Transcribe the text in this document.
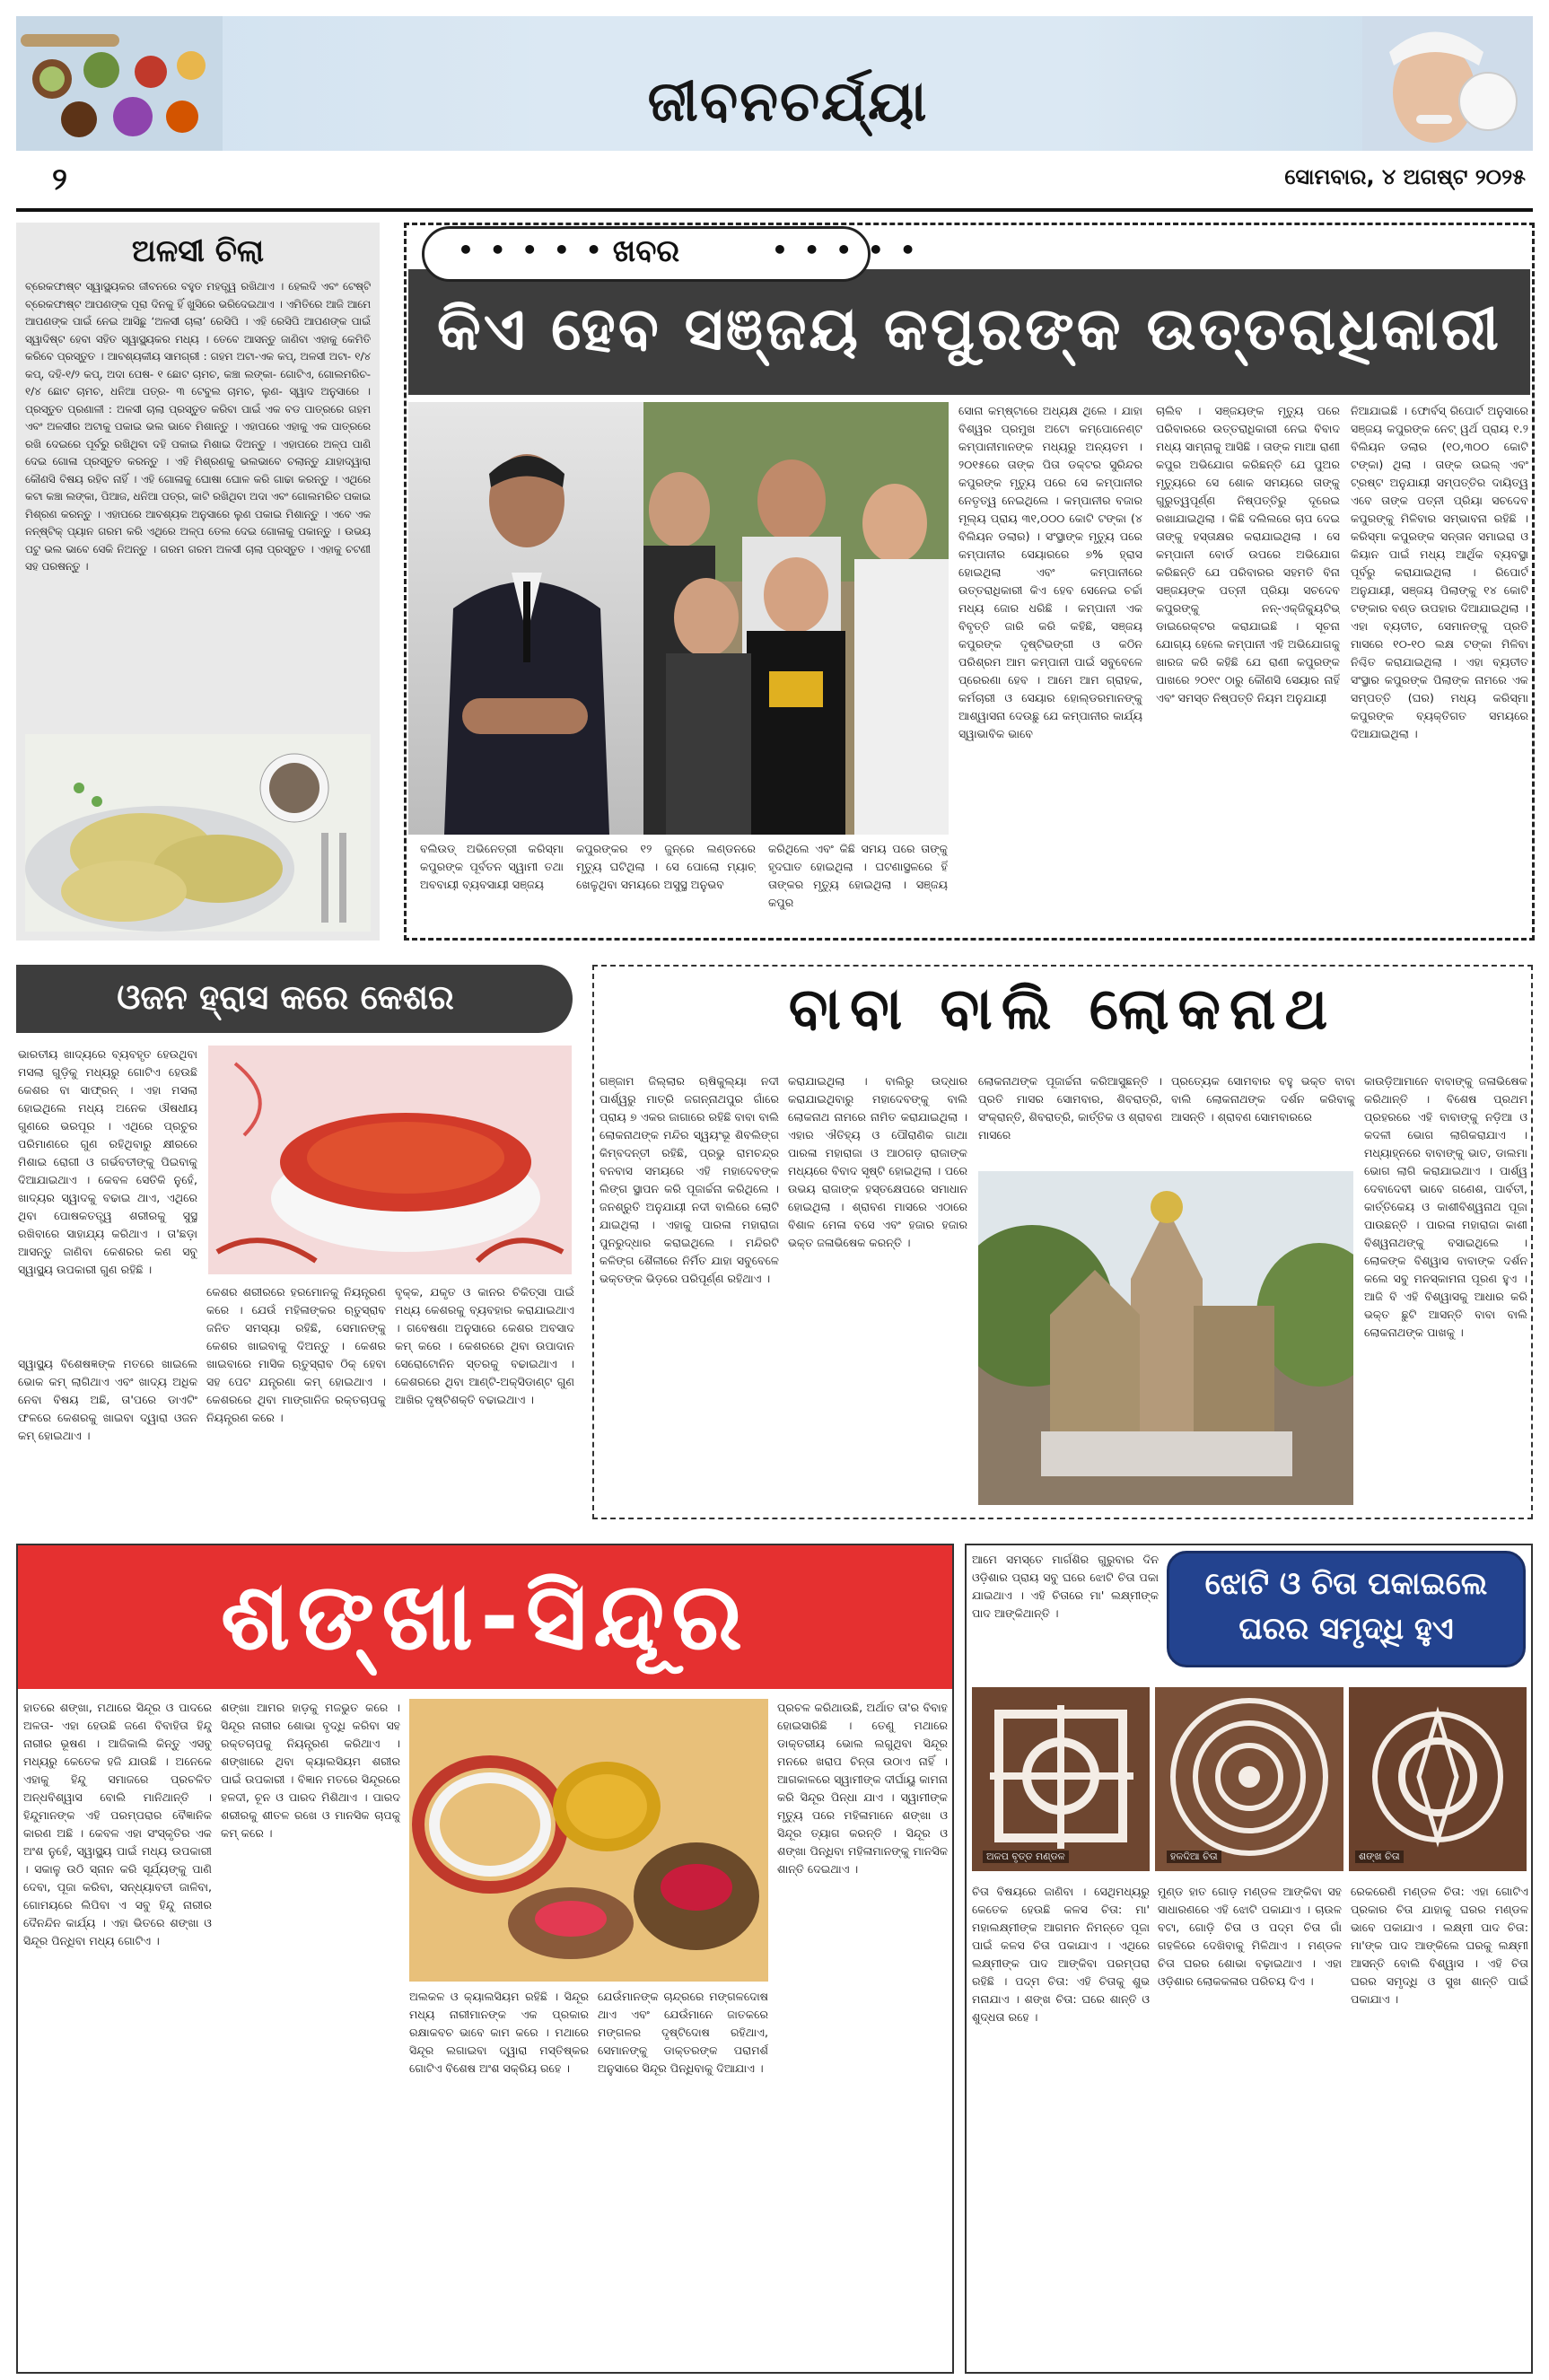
ଜୀବନଚର୍ଯ୍ୟା
୨	ସୋମବାର, ୪ ଅଗଷ୍ଟ ୨୦୨୫
ଅଳସୀ ଚିଲା

ବ୍ରେକଫାଷ୍ଟ ସ୍ୱାସ୍ଥ୍ୟକର ଜୀବନରେ ବହୁତ ମହତ୍ତ୍ୱ ରଖିଥାଏ । ହେଲଦି ଏବଂ ଟେଷ୍ଟି ବ୍ରେକଫାଷ୍ଟ ଆପଣଙ୍କ ପୂରା ଦିନକୁ ହିଁ ଖୁସିରେ ଭରିଦେଇଥାଏ । ଏମିତିରେ ଆଜି ଆମେ ଆପଣଙ୍କ ପାଇଁ ନେଇ ଆସିଛୁ ‘ଅଳସୀ ଚାଲା’ ରେସିପି । ଏହି ରେସିପି ଆପଣଙ୍କ ପାଇଁ ସ୍ୱାଦିଷ୍ଟ ହେବା ସହିତ ସ୍ୱାସ୍ଥ୍ୟକର ମଧ୍ୟ । ତେବେ ଆସନ୍ତୁ ଜାଣିବା ଏହାକୁ କେମିତି କରିବେ ପ୍ରସ୍ତୁତ । ଆବଶ୍ୟକୀୟ ସାମଗ୍ରୀ : ଗହମ ଅଟା-ଏକ କପ୍‌, ଅଳସୀ ଅଟା- ୧/୪ କପ୍‌, ଦହି-୧/୨ କପ୍‌, ଅଦା ପେଷ- ୧ ଛୋଟ ଚାମଚ, କଞ୍ଚା ଲଙ୍କା- ଗୋଟିଏ, ଗୋଲମରିଚ- ୧/୪ ଛୋଟ ଚାମଚ, ଧନିଆ ପତ୍ର- ୩ ଟେବୁଲ ଚାମଚ, ଲୁଣ- ସ୍ୱାଦ ଅନୁସାରେ । ପ୍ରସ୍ତୁତ ପ୍ରଣାଳୀ : ଅଳସୀ ଚାଲା ପ୍ରସ୍ତୁତ କରିବା ପାଇଁ ଏକ ବଡ ପାତ୍ରରେ ଗହମ ଏବଂ ଅଳସୀର ଅଟାକୁ ପକାଇ ଭଲ ଭାବେ ମିଶାନ୍ତୁ । ଏହାପରେ ଏହାକୁ ଏକ ପାତ୍ରରେ ରଖି ଦେଇରେ ପୂର୍ବରୁ ରଖିଥିବା ଦହି ପକାଇ ମିଶାଇ ଦିଅନ୍ତୁ । ଏହାପରେ ଅଳ୍ପ ପାଣି ଦେଇ ଗୋଳା ପ୍ରସ୍ତୁତ କରନ୍ତୁ । ଏହି ମିଶ୍ରଣକୁ ଭଲଭାବେ ଚଲାନ୍ତୁ ଯାହାଦ୍ୱାରା କୌଣସି ବିଷୟ ରହିବ ନାହିଁ । ଏହି ଗୋଳାକୁ ଘୋଷା ଘୋଳ କରି ଗାଢା କରନ୍ତୁ । ଏଥିରେ କଟା କଞ୍ଚା ଲଙ୍କା, ପିଆଜ, ଧନିଆ ପତ୍ର, କାଟି ରଖିଥିବା ଅଦା ଏବଂ ଗୋଲମରିଚ ପକାଇ ମିଶ୍ରଣ କରନ୍ତୁ । ଏହାପରେ ଆବଶ୍ୟକ ଅନୁସାରେ ଲୁଣ ପକାଇ ମିଶାନ୍ତୁ । ଏବେ ଏକ ନନ୍‌ଷ୍ଟିକ୍‌ ପ୍ୟାନ ଗରମ କରି ଏଥିରେ ଅଳ୍ପ ତେଲ ଦେଇ ଗୋଳାକୁ ପକାନ୍ତୁ । ଉଭୟ ପଟୁ ଭଲ ଭାବେ ସେକି ନିଅନ୍ତୁ । ଗରମ ଗରମ ଅଳସୀ ଚାଲା ପ୍ରସ୍ତୁତ । ଏହାକୁ ଚଟଣୀ ସହ ପରଷନ୍ତୁ ।

• • • • • ଖବର	• • • • •
କିଏ ହେବ ସଞ୍ଜୟ କପୁରଙ୍କ ଉତ୍ତରାଧିକାରୀ

ବଲିଉଡ୍‌ ଅଭିନେତ୍ରୀ କରିସ୍ମା କପୁରଙ୍କ ପୂର୍ବତନ ସ୍ୱାମୀ ତଥା ଅବବାୟୀ ବ୍ୟବସାୟୀ ସଞ୍ଜୟ

କପୁରଙ୍କର ୧୨ ଜୁନ୍‌ରେ ଲଣ୍ଡନରେ ମୃତ୍ୟୁ ଘଟିଥିଲା । ସେ ପୋଲୋ ମ୍ୟାଚ୍‌ ଖେଳୁଥିବା ସମୟରେ ଅସୁସ୍ଥ ଅନୁଭବ

କରିଥିଲେ ଏବଂ କିଛି ସମୟ ପରେ ତାଙ୍କୁ ହୃଦଘାତ ହୋଇଥିଲା । ଘଟଣାସ୍ଥଳରେ ହିଁ ତାଙ୍କର ମୃତ୍ୟୁ ହୋଇଥିଲା । ସଞ୍ଜୟ କପୁର

ସୋନା କମ୍‌ଷ୍ଟାରେ ଅଧ୍ୟକ୍ଷ ଥିଲେ । ଯାହା ବିଶ୍ୱର ପ୍ରମୁଖ ଅଟୋ କମ୍ପୋନେଣ୍ଟ କମ୍ପାନୀମାନଙ୍କ ମଧ୍ୟରୁ ଅନ୍ୟତମ । ୨୦୧୫ରେ ତାଙ୍କ ପିତା ଡକ୍ଟର ସୁରିନ୍ଦର କପୁରଙ୍କ ମୃତ୍ୟୁ ପରେ ସେ କମ୍ପାନୀର ନେତୃତ୍ୱ ନେଇଥିଲେ । କମ୍ପାନୀର ବଜାର ମୂଲ୍ୟ ପ୍ରାୟ ୩୧,୦୦୦ କୋଟି ଟଙ୍କା (୪ ବିଲିୟନ ଡଲାର) । ସଂସ୍ଥାଙ୍କ ମୃତ୍ୟୁ ପରେ କମ୍ପାନୀର ସେୟାରରେ ୭% ହ୍ରାସ ହୋଇଥିଲା ଏବଂ କମ୍ପାନୀରେ ଉତ୍ତରାଧିକାରୀ କିଏ ହେବ ସେନେଇ ଚର୍ଚ୍ଚା ମଧ୍ୟ ଜୋର ଧରିଛି । କମ୍ପାନୀ ଏକ ବିବୃତ୍ତି ଜାରି କରି କହିଛି, ସଞ୍ଜୟ କପୁରଙ୍କ ଦୃଷ୍ଟିଭଙ୍ଗୀ ଓ କଠିନ ପରିଶ୍ରମ ଆମ କମ୍ପାନୀ ପାଇଁ ସବୁବେଳେ ପ୍ରେରଣା ହେବ । ଆମେ ଆମ ଗ୍ରାହକ, କର୍ମଚାରୀ ଓ ସେୟାର ହୋଲ୍ଡରମାନଙ୍କୁ ଆଶ୍ୱାସନା ଦେଉଛୁ ଯେ କମ୍ପାନୀର କାର୍ଯ୍ୟ ସ୍ୱାଭାବିକ ଭାବେ

ଚାଲିବ । ସଞ୍ଜୟଙ୍କ ମୃତ୍ୟୁ ପରେ ପରିବାରରେ ଉତ୍ତରାଧିକାରୀ ନେଇ ବିବାଦ ମଧ୍ୟ ସାମ୍ନାକୁ ଆସିଛି । ତାଙ୍କ ମାଆ ରାଣୀ କପୁର ଅଭିଯୋଗ କରିଛନ୍ତି ଯେ ପୁଅର ମୃତ୍ୟୁରେ ସେ ଶୋକ ସମୟରେ ତାଙ୍କୁ ଗୁରୁତ୍ୱପୂର୍ଣ୍ଣ ନିଷ୍ପତ୍ତିରୁ ଦୂରେଇ ରଖାଯାଇଥିଲା । କିଛି ଦଲିଲରେ ଚାପ ଦେଇ ତାଙ୍କୁ ହସ୍ତାକ୍ଷର କରାଯାଇଥିଲା । ସେ କମ୍ପାନୀ ବୋର୍ଡ ଉପରେ ଅଭିଯୋଗ କରିଛନ୍ତି ଯେ ପରିବାରର ସହମତି ବିନା ସଞ୍ଜୟଙ୍କ ପତ୍ନୀ ପ୍ରିୟା ସଚଦେବ କପୁରଙ୍କୁ ନନ୍‌-ଏକ୍ଜିକ୍ୟୁଟିଭ୍‌ ଡାଇରେକ୍ଟର କରାଯାଇଛି । ସୂଚନା ଯୋଗ୍ୟ ହେଲେ କମ୍ପାନୀ ଏହି ଅଭିଯୋଗକୁ ଖାରଜ କରି କହିଛି ଯେ ରାଣୀ କପୁରଙ୍କ ପାଖରେ ୨୦୧୯ ଠାରୁ କୌଣସି ସେୟାର ନାହିଁ ଏବଂ ସମସ୍ତ ନିଷ୍ପତ୍ତି ନିୟମ ଅନୁଯାୟୀ

ନିଆଯାଇଛି । ଫୋର୍ବସ୍‌ ରିପୋର୍ଟ ଅନୁସାରେ ସଞ୍ଜୟ କପୁରଙ୍କ ନେଟ୍‌ ୱର୍ଥ ପ୍ରାୟ ୧.୨ ବିଲିୟନ ଡଲାର (୧୦,୩୦୦ କୋଟି ଟଙ୍କା) ଥିଲା । ତାଙ୍କ ଉଇଲ୍‌ ଏବଂ ଟ୍ରଷ୍ଟ ଅନୁଯାୟୀ ସମ୍ପତ୍ତିର ଦାୟିତ୍ୱ ଏବେ ତାଙ୍କ ପତ୍ନୀ ପ୍ରିୟା ସଚଦେବ କପୁରଙ୍କୁ ମିଳିବାର ସମ୍ଭାବନା ରହିଛି । କରିସ୍ମା କପୁରଙ୍କ ସନ୍ତାନ ସମାଇରା ଓ କିୟାନ ପାଇଁ ମଧ୍ୟ ଆର୍ଥିକ ବ୍ୟବସ୍ଥା ପୂର୍ବରୁ କରାଯାଇଥିଲା । ରିପୋର୍ଟ ଅନୁଯାୟୀ, ସଞ୍ଜୟ ପିଲାଙ୍କୁ ୧୪ କୋଟି ଟଙ୍କାର ବଣ୍ଡ ଉପହାର ଦିଆଯାଇଥିଲା । ଏହା ବ୍ୟତୀତ, ସେମାନଙ୍କୁ ପ୍ରତି ମାସରେ ୧୦-୧୦ ଲକ୍ଷ ଟଙ୍କା ମିଳିବା ନିଶ୍ଚିତ କରାଯାଇଥିଲା । ଏହା ବ୍ୟତୀତ ସଂସ୍ଥାର କପୁରଙ୍କ ପିଲାଙ୍କ ନାମରେ ଏକ ସମ୍ପତ୍ତି (ଘର) ମଧ୍ୟ କରିସ୍ମା କପୁରଙ୍କ ବ୍ୟକ୍ତିଗତ ସମୟରେ ଦିଆଯାଇଥିଲା ।

ଓଜନ ହ୍ରାସ କରେ କେଶର

ଭାରତୀୟ ଖାଦ୍ୟରେ ବ୍ୟବହୃତ ହେଉଥିବା ମସଲା ଗୁଡ଼ିକୁ ମଧ୍ୟରୁ ଗୋଟିଏ ହେଉଛି କେଶର ବା ସାଫ୍ରନ୍‌ । ଏହା ମସଲା ହୋଇଥିଲେ ମଧ୍ୟ ଅନେକ ଔଷଧୀୟ ଗୁଣରେ ଭରପୂର । ଏଥିରେ ପ୍ରଚୁର ପରିମାଣରେ ଗୁଣ ରହିଥିବାରୁ କ୍ଷୀରରେ ମିଶାଇ ରୋଗୀ ଓ ଗର୍ଭବତୀଙ୍କୁ ପିଇବାକୁ ଦିଆଯାଇଥାଏ । କେବଳ ସେତିକି ନୁହେଁ, ଖାଦ୍ୟର ସ୍ୱାଦକୁ ବଢାଇ ଥାଏ, ଏଥିରେ ଥିବା ପୋଷକତତ୍ତ୍ୱ ଶରୀରକୁ ସୁସ୍ଥ ରଖିବାରେ ସାହାଯ୍ୟ କରିଥାଏ । ତା'ଛଡ଼ା ଆସନ୍ତୁ ଜାଣିବା କେଶରର କଣ ସବୁ ସ୍ୱାସ୍ଥ୍ୟ ଉପକାରୀ ଗୁଣ ରହିଛି ।

ସ୍ୱାସ୍ଥ୍ୟ ବିଶେଷଜ୍ଞଙ୍କ ମତରେ ଖାଇଲେ ଭୋକ କମ୍‌ ଲାଗିଥାଏ ଏବଂ ଖାଦ୍ୟ ଅଧିକ ନେବା ବିଷୟ ଅଛି, ତା'ପରେ ଡାଏଟିଂ ଫଳରେ କେଶରକୁ ଖାଇବା ଦ୍ୱାରା ଓଜନ କମ୍‌ ହୋଇଥାଏ ।

କେଶର ଶରୀରରେ ହରମୋନକୁ ନିୟନ୍ତ୍ରଣ କରେ । ଯେଉଁ ମହିଳାଙ୍କର ଋତୁସ୍ରାବ ଜନିତ ସମସ୍ୟା ରହିଛି, ସେମାନଙ୍କୁ କେଶର ଖାଇବାକୁ ଦିଅନ୍ତୁ । କେଶର ଖାଇବାରେ ମାସିକ ଋତୁସ୍ରାବ ଠିକ୍‌ ହେବା ସହ ପେଟ ଯନ୍ତ୍ରଣା କମ୍‌ ହୋଇଥାଏ । କେଶରରେ ଥିବା ମାଙ୍ଗାନିଜ ରକ୍ତଚାପକୁ ନିୟନ୍ତ୍ରଣ କରେ ।

ବୃକ୍କ, ଯକୃତ ଓ କାନର ଚିକିତ୍ସା ପାଇଁ ମଧ୍ୟ କେଶରକୁ ବ୍ୟବହାର କରାଯାଇଥାଏ । ଗବେଷଣା ଅନୁସାରେ କେଶର ଅବସାଦ କମ୍‌ କରେ । କେଶରରେ ଥିବା ଉପାଦାନ ସେରୋଟୋନିନ ସ୍ତରକୁ ବଢାଇଥାଏ । କେଶରରେ ଥିବା ଆଣ୍ଟି-ଅକ୍ସିଡାଣ୍ଟ ଗୁଣ ଆଖିର ଦୃଷ୍ଟିଶକ୍ତି ବଢାଇଥାଏ ।

ବାବା ବାଲି ଲୋକନାଥ

ଗଞ୍ଜାମ ଜିଲ୍ଲାର ଋଷିକୁଲ୍ୟା ନଦୀ ପାର୍ଶ୍ୱରୁ ମାତ୍ରି ଜଗନ୍ନାଥପୁର ଗାଁରେ ପ୍ରାୟ ୭ ଏକର ଜାଗାରେ ରହିଛି ବାବା ବାଲି ଲୋକନାଥଙ୍କ ମନ୍ଦିର ସ୍ୱୟଂଭୂ ଶିବଲିଙ୍ଗ କିମ୍ବଦନ୍ତୀ ରହିଛି, ପ୍ରଭୁ ରାମଚନ୍ଦ୍ର ବନବାସ ସମୟରେ ଏହି ମହାଦେବଙ୍କ ଲିଙ୍ଗ ସ୍ଥାପନ କରି ପୂଜାର୍ଚ୍ଚନା କରିଥିଲେ । ଜନଶ୍ରୁତି ଅନୁଯାୟୀ ନଦୀ ବାଲିରେ ଲୋଟି ଯାଇଥିଲା । ଏହାକୁ ପାରଳା ମହାରାଜା ପୁନରୁଦ୍ଧାର କରାଇଥିଲେ । ମନ୍ଦିରଟି କଳିଙ୍ଗ ଶୈଳୀରେ ନିର୍ମିତ ଯାହା ସବୁବେଳେ ଭକ୍ତଙ୍କ ଭିଡ଼ରେ ପରିପୂର୍ଣ୍ଣ ରହିଥାଏ ।

କରାଯାଇଥିଲା । ବାଲିରୁ ଉଦ୍ଧାର କରାଯାଇଥିବାରୁ ମହାଦେବଙ୍କୁ ବାଲି ଲୋକନାଥ ନାମରେ ନାମିତ କରାଯାଇଥିଲା । ଏହାର ଐତିହ୍ୟ ଓ ପୌରାଣିକ ଗାଥା ପାରଳା ମହାରାଜା ଓ ଆଠଗଡ଼ ରାଜାଙ୍କ ମଧ୍ୟରେ ବିବାଦ ସୃଷ୍ଟି ହୋଇଥିଲା । ପରେ ଉଭୟ ରାଜାଙ୍କ ହସ୍ତକ୍ଷେପରେ ସମାଧାନ ହୋଇଥିଲା । ଶ୍ରାବଣ ମାସରେ ଏଠାରେ ବିଶାଳ ମେଳା ବସେ ଏବଂ ହଜାର ହଜାର ଭକ୍ତ ଜଳାଭିଷେକ କରନ୍ତି ।

ଲୋକନାଥଙ୍କ ପୂଜାର୍ଚ୍ଚନା କରିଆସୁଛନ୍ତି । ପ୍ରତି ମାସର ସୋମବାର, ଶିବରାତ୍ରି, ସଂକ୍ରାନ୍ତି, ଶିବରାତ୍ରି, କାର୍ତ୍ତିକ ଓ ଶ୍ରାବଣ ମାସରେ

ପ୍ରତ୍ୟେକ ସୋମବାର ବହୁ ଭକ୍ତ ବାବା ବାଲି ଲୋକନାଥଙ୍କ ଦର୍ଶନ କରିବାକୁ ଆସନ୍ତି । ଶ୍ରାବଣ ସୋମବାରରେ

କାଉଡ଼ିଆମାନେ ବାବାଙ୍କୁ ଜଳାଭିଷେକ କରିଥାନ୍ତି । ବିଶେଷ ପ୍ରଥମ ପ୍ରହରରେ ଏହି ବାବାଙ୍କୁ ନଡ଼ିଆ ଓ କଦଳୀ ଭୋଗ ଲାଗିକରାଯାଏ । ମଧ୍ୟାହ୍ନରେ ବାବାଙ୍କୁ ଭାତ, ଡାଲମା ଭୋଗ ଲାଗି କରାଯାଇଥାଏ । ପାର୍ଶ୍ୱ ଦେବାଦେବୀ ଭାବେ ଗଣେଶ, ପାର୍ବତୀ, କାର୍ତ୍ତିକେୟ ଓ କାଶୀବିଶ୍ୱନାଥ ପୂଜା ପାଉଛନ୍ତି । ପାରଳା ମହାରାଜା କାଶୀ ବିଶ୍ୱନାଥଙ୍କୁ ବସାଇଥିଲେ । ଲୋକଙ୍କ ବିଶ୍ୱାସ ବାବାଙ୍କ ଦର୍ଶନ କଲେ ସବୁ ମନସ୍କାମନା ପୂରଣ ହୁଏ । ଆଜି ବି ଏହି ବିଶ୍ୱାସକୁ ଆଧାର କରି ଭକ୍ତ ଛୁଟି ଆସନ୍ତି ବାବା ବାଲି ଲୋକନାଥଙ୍କ ପାଖକୁ ।

ଶଙ୍ଖା-ସିନ୍ଦୂର

ହାତରେ ଶଙ୍ଖା, ମଥାରେ ସିନ୍ଦୂର ଓ ପାଦରେ ଅଳତା- ଏହା ହେଉଛି ଜଣେ ବିବାହିତା ହିନ୍ଦୁ ନାରୀର ଭୂଷଣ । ଆଜିକାଲି କିନ୍ତୁ ଏସବୁ ମଧ୍ୟରୁ କେତେକ ହଜି ଯାଉଛି । ଅନେକେ ଏହାକୁ ହିନ୍ଦୁ ସମାଜରେ ପ୍ରଚଳିତ ଅନ୍ଧବିଶ୍ୱାସ ବୋଲି ମାନିଥାନ୍ତି । ହିନ୍ଦୁମାନଙ୍କ ଏହି ପରମ୍ପରାର ବୈଜ୍ଞାନିକ କାରଣ ଅଛି । କେବଳ ଏହା ସଂସ୍କୃତିର ଏକ ଅଂଶ ନୁହେଁ, ସ୍ୱାସ୍ଥ୍ୟ ପାଇଁ ମଧ୍ୟ ଉପକାରୀ । ସକାଳୁ ଉଠି ସ୍ନାନ କରି ସୂର୍ଯ୍ୟଙ୍କୁ ପାଣି ଦେବା, ପୂଜା କରିବା, ସନ୍ଧ୍ୟାବତୀ ଜାଳିବା, ଗୋମୟରେ ଲିପିବା ଏ ସବୁ ହିନ୍ଦୁ ନାରୀର ଦୈନନ୍ଦିନ କାର୍ଯ୍ୟ । ଏହା ଭିତରେ ଶଙ୍ଖା ଓ ସିନ୍ଦୂର ପିନ୍ଧିବା ମଧ୍ୟ ଗୋଟିଏ ।

ଶଙ୍ଖା ଆମର ହାଡ଼କୁ ମଜଭୁତ କରେ । ସିନ୍ଦୂର ନାରୀର ଶୋଭା ବୃଦ୍ଧି କରିବା ସହ ରକ୍ତଚାପକୁ ନିୟନ୍ତ୍ରଣ କରିଥାଏ । ଶଙ୍ଖାରେ ଥିବା କ୍ୟାଲସିୟମ ଶରୀର ପାଇଁ ଉପକାରୀ । ବିଜ୍ଞାନ ମତରେ ସିନ୍ଦୂରରେ ହଳଦୀ, ଚୂନ ଓ ପାରଦ ମିଶିଥାଏ । ପାରଦ ଶରୀରକୁ ଶୀତଳ ରଖେ ଓ ମାନସିକ ଚାପକୁ କମ୍‌ କରେ ।

ଅଲକଳ ଓ କ୍ୟାଲସିୟମ ରହିଛି । ସିନ୍ଦୂର ମଧ୍ୟ ନାରୀମାନଙ୍କ ଏକ ପ୍ରକାର ରକ୍ଷାକବଚ ଭାବେ କାମ କରେ । ମଥାରେ ସିନ୍ଦୂର ଲଗାଇବା ଦ୍ୱାରା ମସ୍ତିଷ୍କର ଗୋଟିଏ ବିଶେଷ ଅଂଶ ସକ୍ରିୟ ରହେ ।

ଯେଉଁମାନଙ୍କ ଚାନ୍ଦ୍ରରେ ମଙ୍ଗଳଦୋଷ ଥାଏ ଏବଂ ଯେଉଁମାନେ ଜାତକରେ ମଙ୍ଗଳର ଦୃଷ୍ଟିଦୋଷ ରହିଥାଏ, ସେମାନଙ୍କୁ ଡାକ୍ତରଙ୍କ ପରାମର୍ଶ ଅନୁସାରେ ସିନ୍ଦୂର ପିନ୍ଧିବାକୁ ଦିଆଯାଏ ।

ପ୍ରଚଳ କରିଥାଉଛି, ଅର୍ଥାତ ତା'ର ବିବାହ ହୋଇସାରିଛି । ତେଣୁ ମଥାରେ ଡାକ୍ତରୀୟ ଭୋଲ ଲଗୁଥିବା ସିନ୍ଦୂର ମନରେ ଖରାପ ଚିନ୍ତା ଉଠାଏ ନାହିଁ । ଆଗକାଳରେ ସ୍ୱାମୀଙ୍କ ଦୀର୍ଘାୟୁ କାମନା କରି ସିନ୍ଦୂର ପିନ୍ଧା ଯାଏ । ସ୍ୱାମୀଙ୍କ ମୃତ୍ୟୁ ପରେ ମହିଳାମାନେ ଶଙ୍ଖା ଓ ସିନ୍ଦୂର ତ୍ୟାଗ କରନ୍ତି । ସିନ୍ଦୂର ଓ ଶଙ୍ଖା ପିନ୍ଧିବା ମହିଳାମାନଙ୍କୁ ମାନସିକ ଶାନ୍ତି ଦେଇଥାଏ ।

ଆମେ ସମସ୍ତେ ମାର୍ଗଶିର ଗୁରୁବାର ଦିନ ଓଡ଼ିଶାର ପ୍ରାୟ ସବୁ ଘରେ ଝୋଟି ଚିତା ପକା ଯାଇଥାଏ । ଏହି ଚିତାରେ ମା' ଲକ୍ଷ୍ମୀଙ୍କ ପାଦ ଆଙ୍କିଥାନ୍ତି ।

ଝୋଟି ଓ ଚିତା ପକାଇଲେ
ଘରର ସମୃଦ୍ଧି ହୁଏ
ଅଳପ ବୃତ୍ତ ମଣ୍ଡଳ	ହଳଦିଆ ଚିତା	ଶଙ୍ଖ ଚିତା

ଚିତା ବିଷୟରେ ଜାଣିବା । ସେଥିମଧ୍ୟରୁ କେତେକ ହେଉଛି କଳସ ଚିତା: ମା' ମହାଲକ୍ଷ୍ମୀଙ୍କ ଆଗମନ ନିମନ୍ତେ ପୂଜା ପାଇଁ କଳସ ଚିତା ପକାଯାଏ । ଏଥିରେ ଲକ୍ଷ୍ମୀଙ୍କ ପାଦ ଆଙ୍କିବା ପରମ୍ପରା ରହିଛି । ପଦ୍ମ ଚିତା: ଏହି ଚିତାକୁ ଶୁଭ ମନାଯାଏ । ଶଙ୍ଖ ଚିତା: ଘରେ ଶାନ୍ତି ଓ ଶୁଦ୍ଧତା ରହେ ।

ମୁଣ୍ଡ ହାତ ଗୋଡ଼ ମଣ୍ଡଳ ଆଙ୍କିବା ସହ ସାଧାରଣରେ ଏହି ଝୋଟି ପକାଯାଏ । ଚାଉଳ ବଟା, ଗୋଡ଼ି ଚିତା ଓ ପଦ୍ମ ଚିତା ଗାଁ ଗହଳିରେ ଦେଖିବାକୁ ମିଳିଥାଏ । ମଣ୍ଡଳ ଚିତା ଘରର ଶୋଭା ବଢ଼ାଇଥାଏ । ଏହା ଓଡ଼ିଶାର ଲୋକକଳାର ପରିଚୟ ଦିଏ ।

ରେକରେଣି ମଣ୍ଡଳ ଚିତା: ଏହା ଗୋଟିଏ ପ୍ରକାର ଚିତା ଯାହାକୁ ଘରର ମଣ୍ଡଳ ଭାବେ ପକାଯାଏ । ଲକ୍ଷ୍ମୀ ପାଦ ଚିତା: ମା'ଙ୍କ ପାଦ ଆଙ୍କିଲେ ଘରକୁ ଲକ୍ଷ୍ମୀ ଆସନ୍ତି ବୋଲି ବିଶ୍ୱାସ । ଏହି ଚିତା ଘରର ସମୃଦ୍ଧି ଓ ସୁଖ ଶାନ୍ତି ପାଇଁ ପକାଯାଏ ।
